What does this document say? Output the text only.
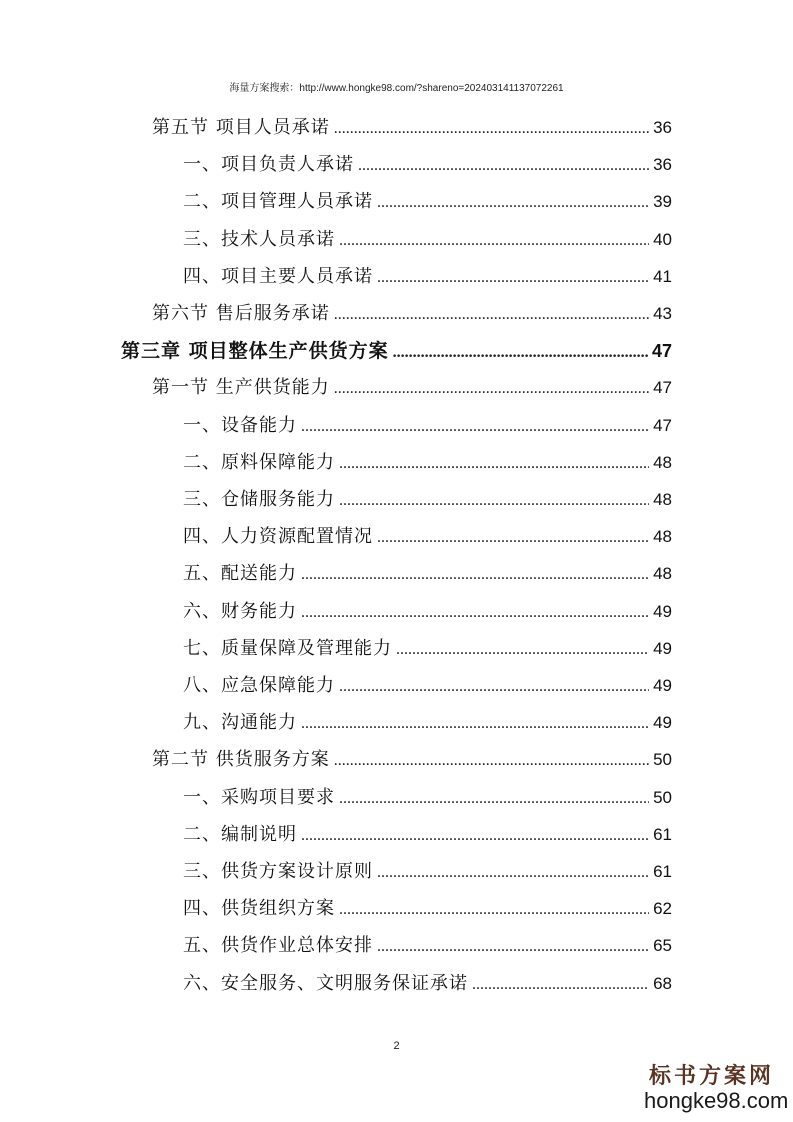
海量方案搜索：http://www.hongke98.com/?shareno=202403141137072261
第五节 项目人员承诺 .....	36
一、项目负责人承诺 .....	36
二、项目管理人员承诺 .....	39
三、技术人员承诺 .....	40
四、项目主要人员承诺 .....	41
第六节 售后服务承诺 .....	43
第三章 项目整体生产供货方案 .....	47
第一节 生产供货能力 .....	47
一、设备能力 .....	47
二、原料保障能力 .....	48
三、仓储服务能力 .....	48
四、人力资源配置情况 .....	48
五、配送能力 .....	48
六、财务能力 .....	49
七、质量保障及管理能力 .....	49
八、应急保障能力 .....	49
九、沟通能力 .....	49
第二节 供货服务方案 .....	50
一、采购项目要求 .....	50
二、编制说明 .....	61
三、供货方案设计原则 .....	61
四、供货组织方案 .....	62
五、供货作业总体安排 .....	65
六、安全服务、文明服务保证承诺 .....	68
2
标书方案网
hongke98.com
